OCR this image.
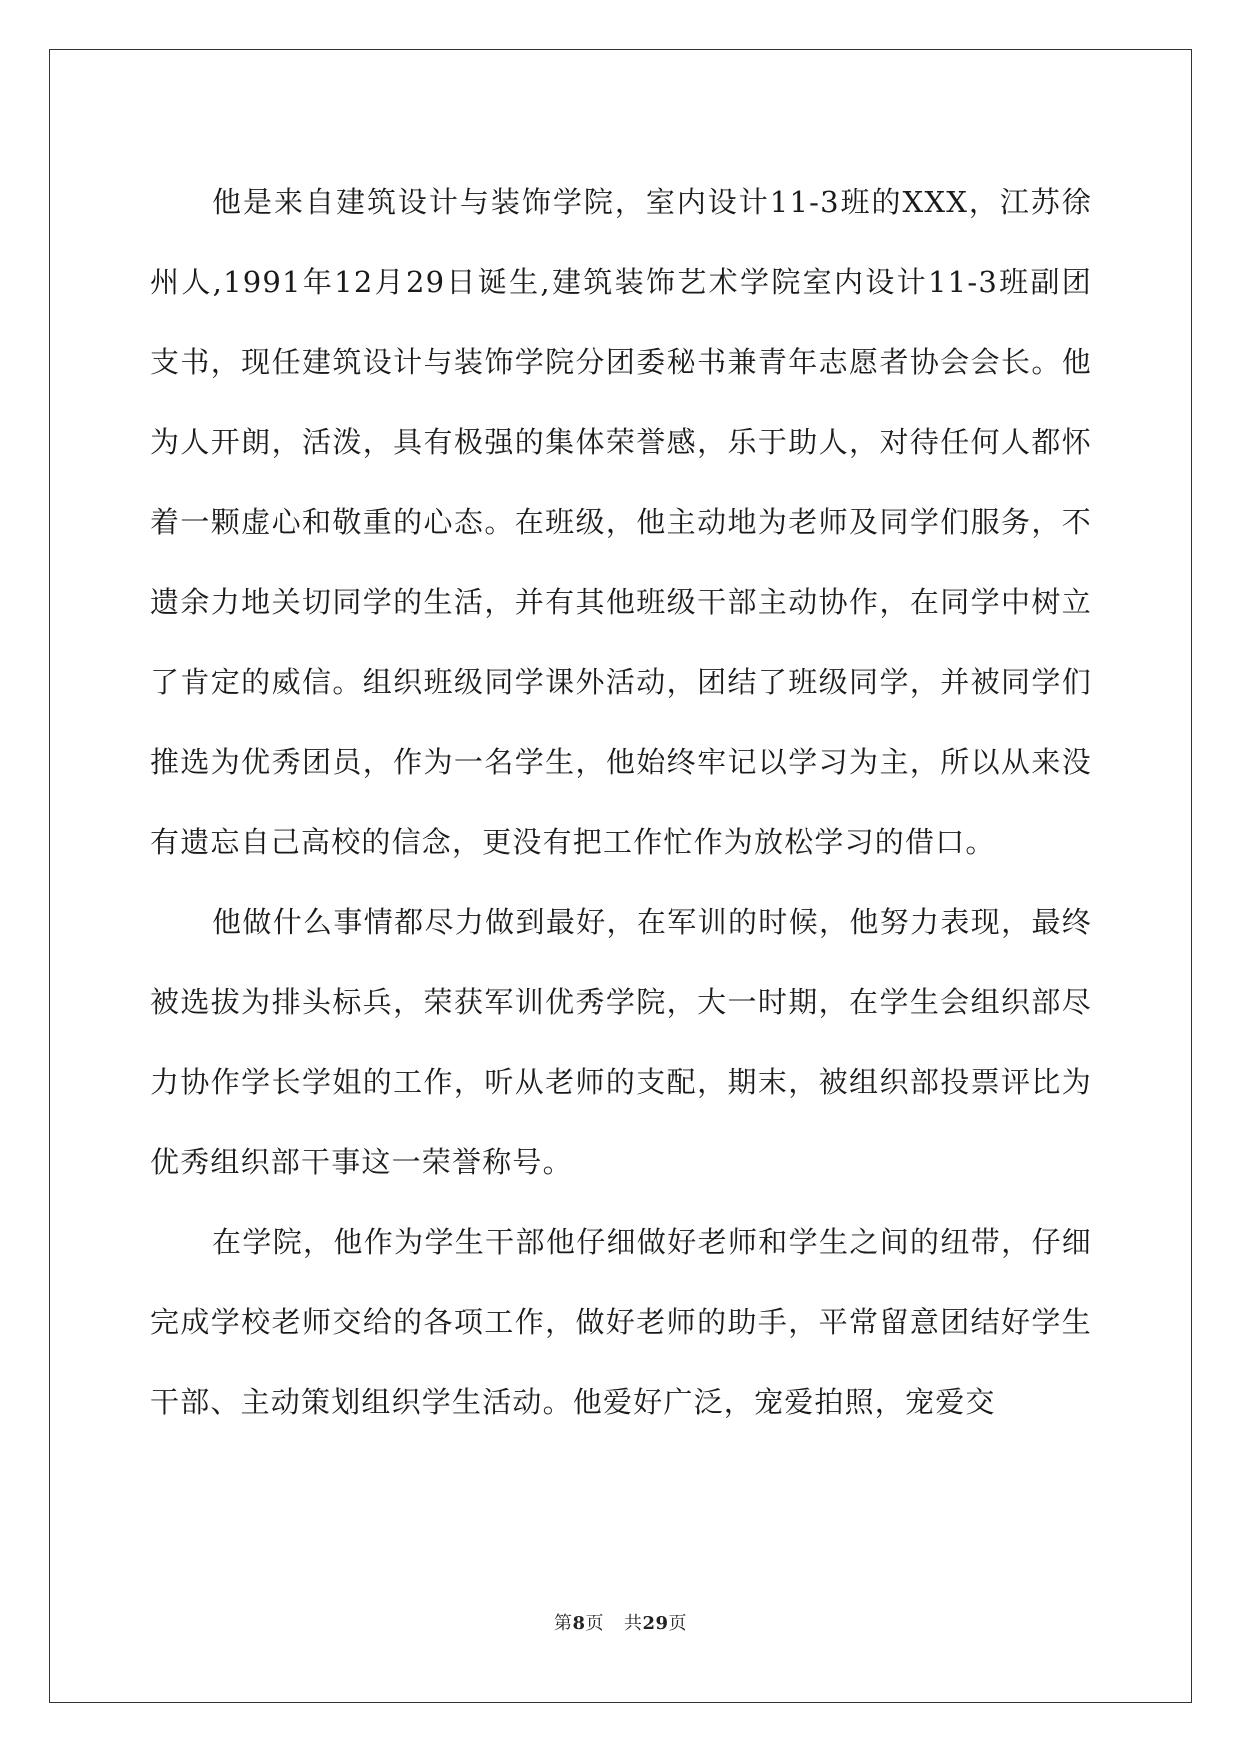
他是来自建筑设计与装饰学院，室内设计11-3班的XXX，江苏徐州人,1991年12月29日诞生,建筑装饰艺术学院室内设计11-3班副团支书，现任建筑设计与装饰学院分团委秘书兼青年志愿者协会会长。他为人开朗，活泼，具有极强的集体荣誉感，乐于助人，对待任何人都怀着一颗虚心和敬重的心态。在班级，他主动地为老师及同学们服务，不遗余力地关切同学的生活，并有其他班级干部主动协作，在同学中树立了肯定的威信。组织班级同学课外活动，团结了班级同学，并被同学们推选为优秀团员，作为一名学生，他始终牢记以学习为主，所以从来没有遗忘自己高校的信念，更没有把工作忙作为放松学习的借口。

他做什么事情都尽力做到最好，在军训的时候，他努力表现，最终被选拔为排头标兵，荣获军训优秀学院，大一时期，在学生会组织部尽力协作学长学姐的工作，听从老师的支配，期末，被组织部投票评比为优秀组织部干事这一荣誉称号。

在学院，他作为学生干部他仔细做好老师和学生之间的纽带，仔细完成学校老师交给的各项工作，做好老师的助手，平常留意团结好学生干部、主动策划组织学生活动。他爱好广泛，宠爱拍照，宠爱交

第8页 共29页
